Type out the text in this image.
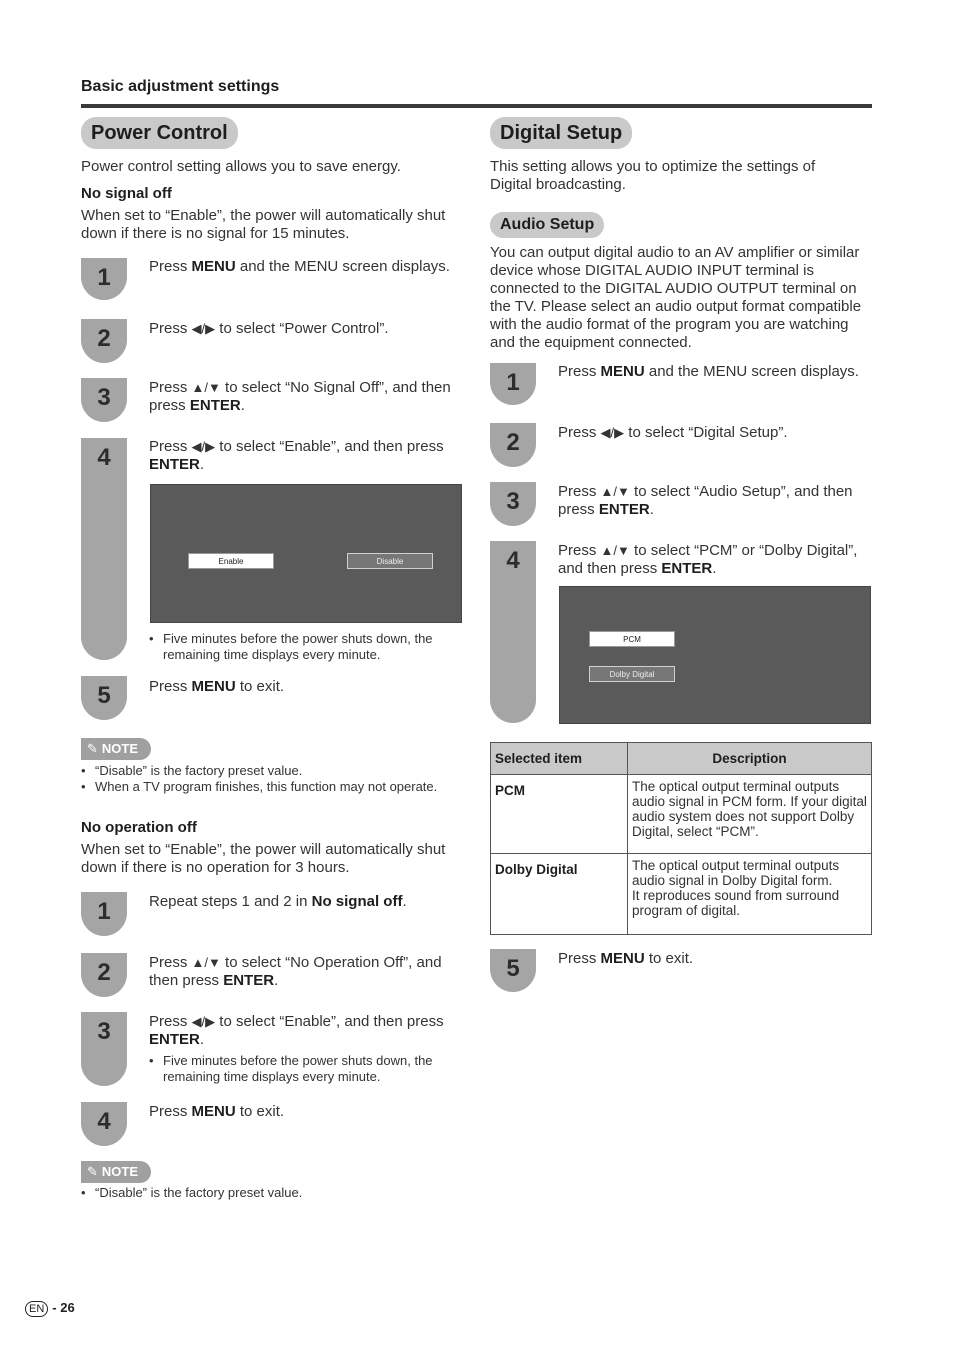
Basic adjustment settings
Power Control
Power control setting allows you to save energy.
No signal off
When set to “Enable”, the power will automatically shut down if there is no signal for 15 minutes.
1	Press MENU and the MENU screen displays.
2	Press ◀/▶ to select “Power Control”.
3	Press ▲/▼ to select “No Signal Off”, and then press ENTER.
4	Press ◀/▶ to select “Enable”, and then press ENTER.
Enable	Disable
• Five minutes before the power shuts down, the remaining time displays every minute.
5	Press MENU to exit.
✎ NOTE
• “Disable” is the factory preset value.
• When a TV program finishes, this function may not operate.
No operation off
When set to “Enable”, the power will automatically shut down if there is no operation for 3 hours.
1	Repeat steps 1 and 2 in No signal off.
2	Press ▲/▼ to select “No Operation Off”, and then press ENTER.
3	Press ◀/▶ to select “Enable”, and then press ENTER.
• Five minutes before the power shuts down, the remaining time displays every minute.
4	Press MENU to exit.
✎ NOTE
• “Disable” is the factory preset value.
Digital Setup
This setting allows you to optimize the settings of Digital broadcasting.
Audio Setup
You can output digital audio to an AV amplifier or similar device whose DIGITAL AUDIO INPUT terminal is connected to the DIGITAL AUDIO OUTPUT terminal on the TV. Please select an audio output format compatible with the audio format of the program you are watching and the equipment connected.
1	Press MENU and the MENU screen displays.
2	Press ◀/▶ to select “Digital Setup”.
3	Press ▲/▼ to select “Audio Setup”, and then press ENTER.
4	Press ▲/▼ to select “PCM” or “Dolby Digital”, and then press ENTER.
PCM
Dolby Digital
Selected item	Description
PCM	The optical output terminal outputs audio signal in PCM form. If your digital audio system does not support Dolby Digital, select “PCM”.
Dolby Digital	The optical output terminal outputs audio signal in Dolby Digital form.
It reproduces sound from surround program of digital.
5	Press MENU to exit.
EN - 26
